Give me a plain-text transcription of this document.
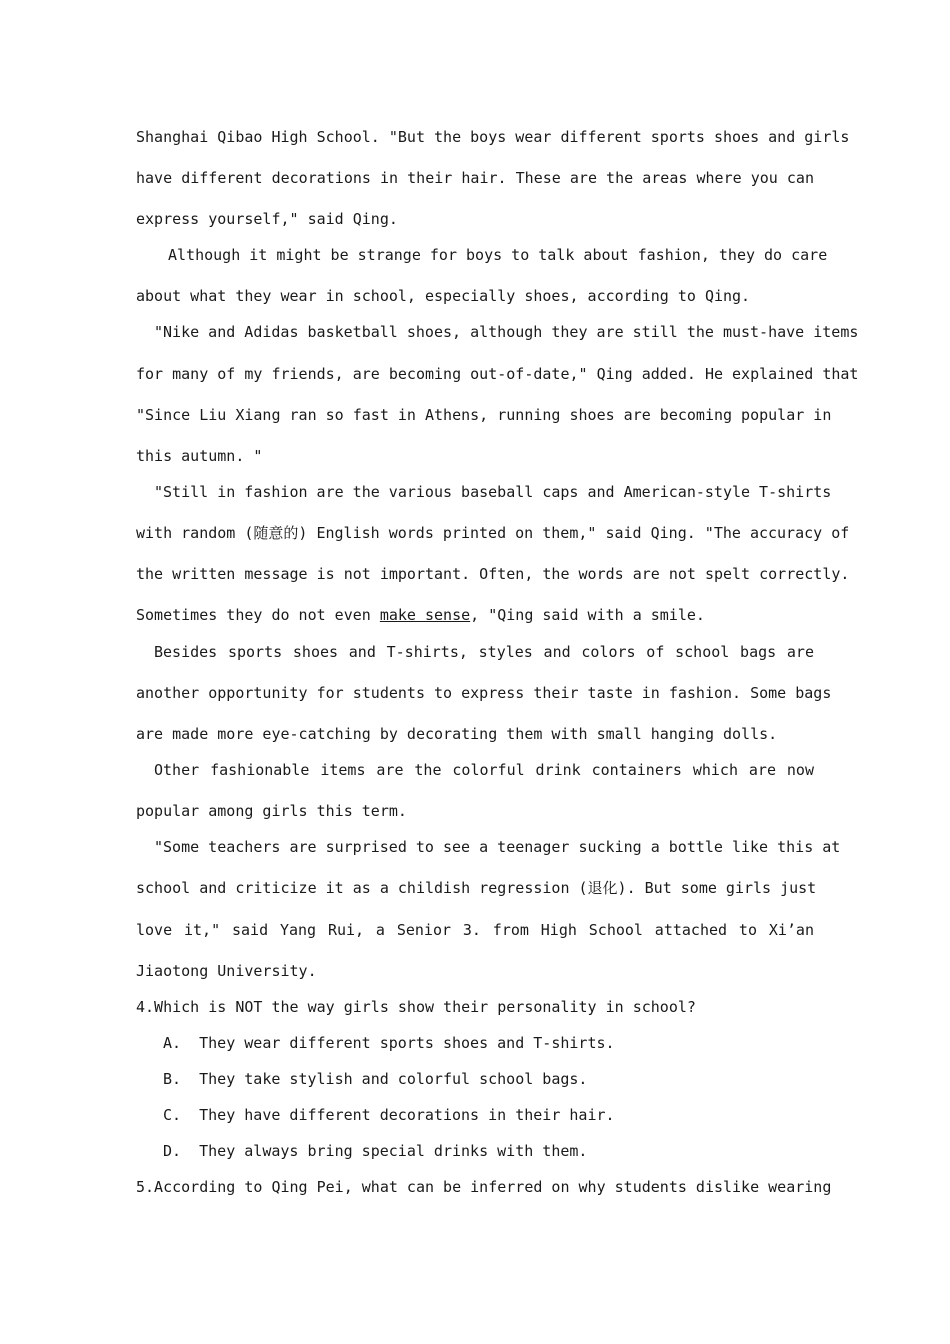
Shanghai Qibao High School. "But the boys wear different sports shoes and girls
have different decorations in their hair. These are the areas where you can
express yourself," said Qing.
Although it might be strange for boys to talk about fashion, they do care
about what they wear in school, especially shoes, according to Qing.
"Nike and Adidas basketball shoes, although they are still the must-have items
for many of my friends, are becoming out-of-date," Qing added. He explained that
"Since Liu Xiang ran so fast in Athens, running shoes are becoming popular in
this autumn. "
"Still in fashion are the various baseball caps and American-style T-shirts
with random (随意的) English words printed on them," said Qing. "The accuracy of
the written message is not important. Often, the words are not spelt correctly.
Sometimes they do not even make sense, "Qing said with a smile.
Besides sports shoes and T-shirts, styles and colors of school bags are
another opportunity for students to express their taste in fashion. Some bags
are made more eye-catching by decorating them with small hanging dolls.
Other fashionable items are the colorful drink containers which are now
popular among girls this term.
"Some teachers are surprised to see a teenager sucking a bottle like this at
school and criticize it as a childish regression (退化). But some girls just
love it," said Yang Rui, a Senior 3. from High School attached to Xi’an
Jiaotong University.
4.Which is NOT the way girls show their personality in school?
A.  They wear different sports shoes and T-shirts.
B.  They take stylish and colorful school bags.
C.  They have different decorations in their hair.
D.  They always bring special drinks with them.
5.According to Qing Pei, what can be inferred on why students dislike wearing
